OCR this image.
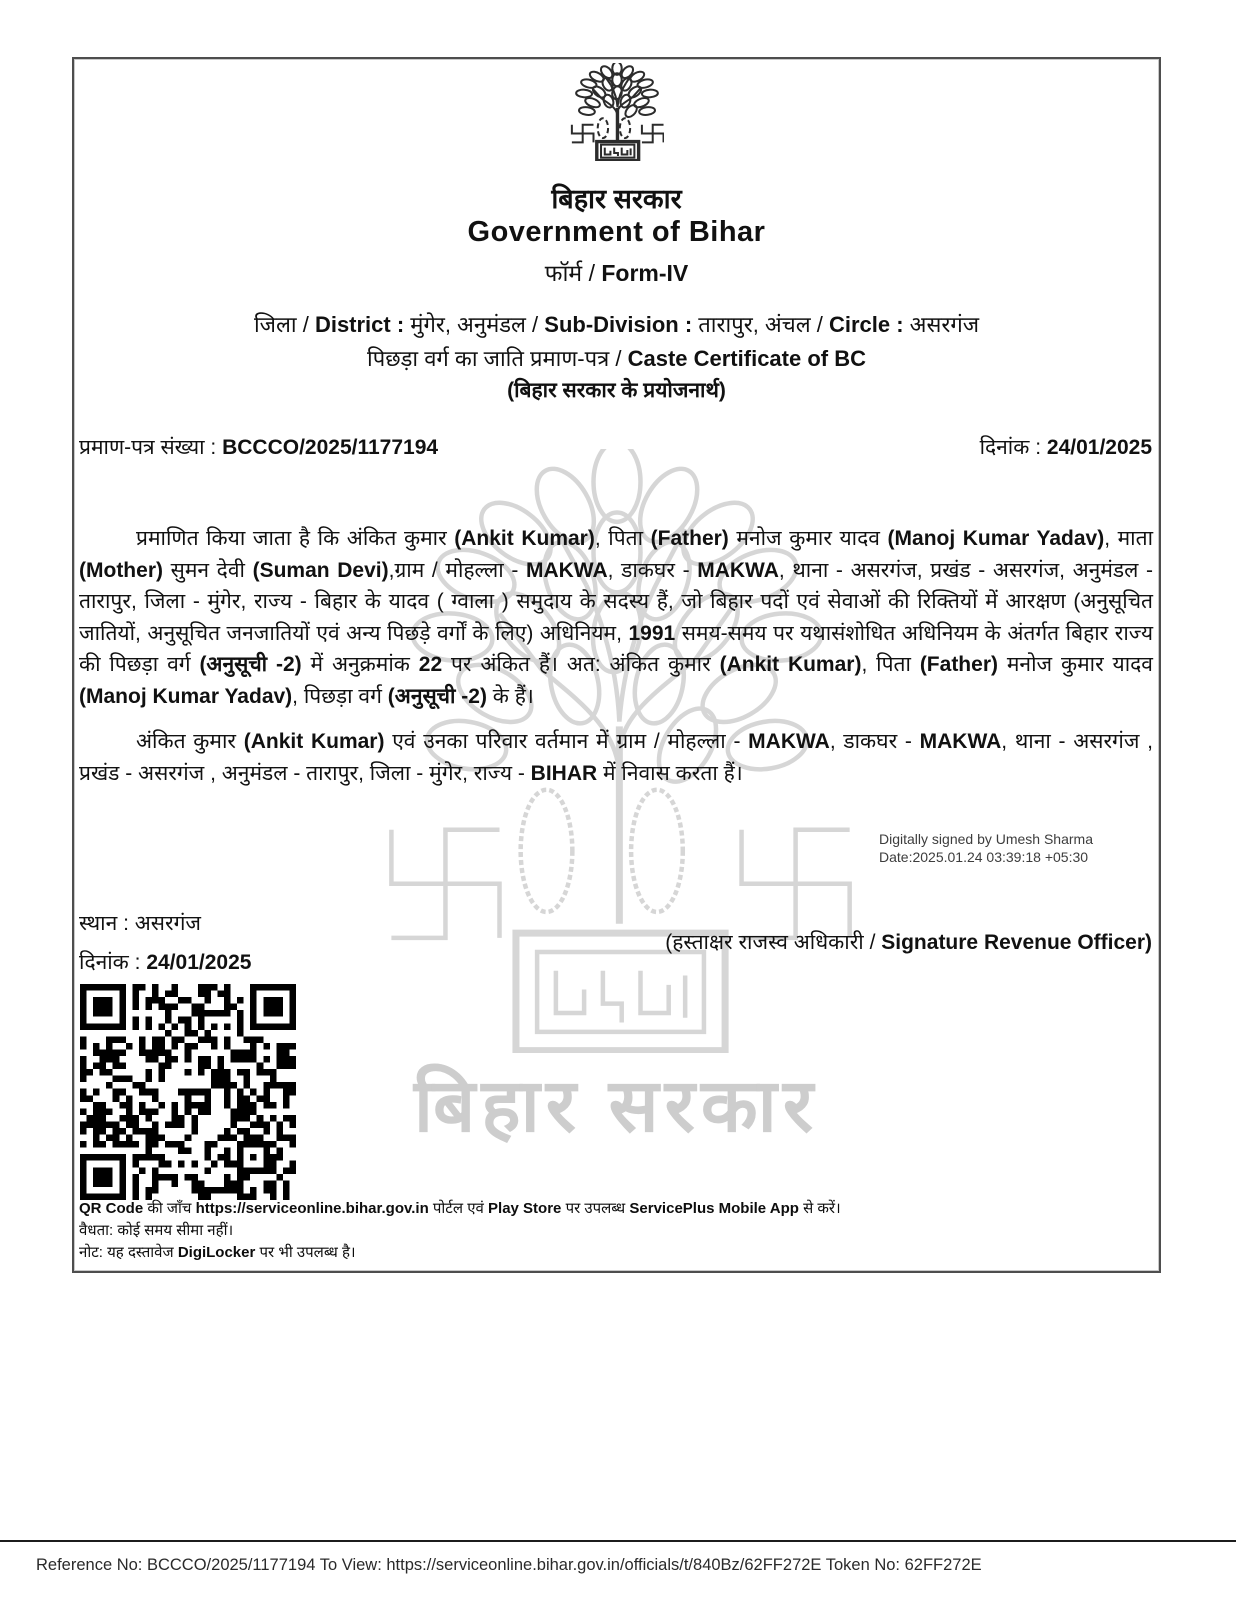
बिहार सरकार
बिहार सरकार
Government of Bihar
फॉर्म / Form-IV
जिला / District : मुंगेर, अनुमंडल / Sub-Division : तारापुर, अंचल / Circle : असरगंज
पिछड़ा वर्ग का जाति प्रमाण-पत्र / Caste Certificate of BC
(बिहार सरकार के प्रयोजनार्थ)
प्रमाण-पत्र संख्या : BCCCO/2025/1177194	दिनांक : 24/01/2025

प्रमाणित किया जाता है कि अंकित कुमार (Ankit Kumar), पिता (Father) मनोज कुमार यादव (Manoj Kumar Yadav), माता (Mother) सुमन देवी (Suman Devi),ग्राम / मोहल्ला - MAKWA, डाकघर - MAKWA, थाना - असरगंज, प्रखंड - असरगंज, अनुमंडल - तारापुर, जिला - मुंगेर, राज्य - बिहार के यादव ( ग्वाला ) समुदाय के सदस्य हैं, जो बिहार पदों एवं सेवाओं की रिक्तियों में आरक्षण (अनुसूचित जातियों, अनुसूचित जनजातियों एवं अन्य पिछड़े वर्गों के लिए) अधिनियम, 1991 समय-समय पर यथासंशोधित अधिनियम के अंतर्गत बिहार राज्य की पिछड़ा वर्ग (अनुसूची -2) में अनुक्रमांक 22 पर अंकित हैं। अत: अंकित कुमार (Ankit Kumar), पिता (Father) मनोज कुमार यादव (Manoj Kumar Yadav), पिछड़ा वर्ग (अनुसूची -2) के हैं।

अंकित कुमार (Ankit Kumar) एवं उनका परिवार वर्तमान में ग्राम / मोहल्ला - MAKWA, डाकघर - MAKWA, थाना - असरगंज , प्रखंड - असरगंज , अनुमंडल - तारापुर, जिला - मुंगेर, राज्य - BIHAR में निवास करता हैं।

Digitally signed by Umesh Sharma
Date:2025.01.24 03:39:18 +05:30
स्थान : असरगंज
दिनांक : 24/01/2025
(हस्ताक्षर राजस्व अधिकारी / Signature Revenue Officer)
QR Code की जाँच https://serviceonline.bihar.gov.in पोर्टल एवं Play Store पर उपलब्ध ServicePlus Mobile App से करें।
वैधता: कोई समय सीमा नहीं।
नोट: यह दस्तावेज DigiLocker पर भी उपलब्ध है।
Reference No: BCCCO/2025/1177194 To View: https://serviceonline.bihar.gov.in/officials/t/840Bz/62FF272E Token No: 62FF272E
